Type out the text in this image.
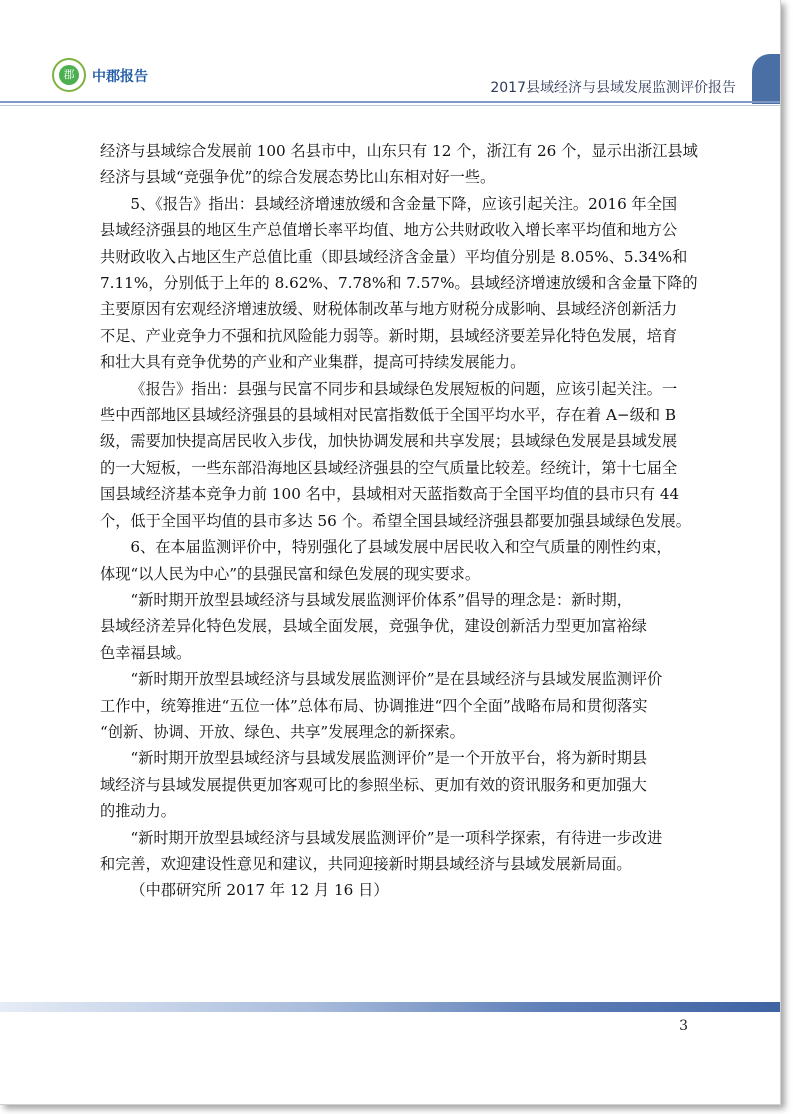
郡	中郡报告
2017县域经济与县域发展监测评价报告

经济与县域综合发展前 100 名县市中，山东只有 12 个，浙江有 26 个，显示出浙江县域
经济与县域“竞强争优”的综合发展态势比山东相对好一些。

5、《报告》指出：县域经济增速放缓和含金量下降，应该引起关注。2016 年全国
县域经济强县的地区生产总值增长率平均值、地方公共财政收入增长率平均值和地方公
共财政收入占地区生产总值比重（即县域经济含金量）平均值分别是 8.05%、5.34%和
7.11%，分别低于上年的 8.62%、7.78%和 7.57%。县域经济增速放缓和含金量下降的
主要原因有宏观经济增速放缓、财税体制改革与地方财税分成影响、县域经济创新活力
不足、产业竞争力不强和抗风险能力弱等。新时期，县域经济要差异化特色发展，培育
和壮大具有竞争优势的产业和产业集群，提高可持续发展能力。

《报告》指出：县强与民富不同步和县域绿色发展短板的问题，应该引起关注。一
些中西部地区县域经济强县的县域相对民富指数低于全国平均水平，存在着 A−级和 B
级，需要加快提高居民收入步伐，加快协调发展和共享发展；县域绿色发展是县域发展
的一大短板，一些东部沿海地区县域经济强县的空气质量比较差。经统计，第十七届全
国县域经济基本竞争力前 100 名中，县域相对天蓝指数高于全国平均值的县市只有 44
个，低于全国平均值的县市多达 56 个。希望全国县域经济强县都要加强县域绿色发展。

6、在本届监测评价中，特别强化了县域发展中居民收入和空气质量的刚性约束，
体现“以人民为中心”的县强民富和绿色发展的现实要求。

“新时期开放型县域经济与县域发展监测评价体系”倡导的理念是：新时期，
县域经济差异化特色发展，县域全面发展，竞强争优，建设创新活力型更加富裕绿
色幸福县域。

“新时期开放型县域经济与县域发展监测评价”是在县域经济与县域发展监测评价
工作中，统筹推进“五位一体”总体布局、协调推进“四个全面”战略布局和贯彻落实
“创新、协调、开放、绿色、共享”发展理念的新探索。

“新时期开放型县域经济与县域发展监测评价”是一个开放平台，将为新时期县
域经济与县域发展提供更加客观可比的参照坐标、更加有效的资讯服务和更加强大
的推动力。

“新时期开放型县域经济与县域发展监测评价”是一项科学探索，有待进一步改进
和完善，欢迎建设性意见和建议，共同迎接新时期县域经济与县域发展新局面。

（中郡研究所 2017 年 12 月 16 日）

3
